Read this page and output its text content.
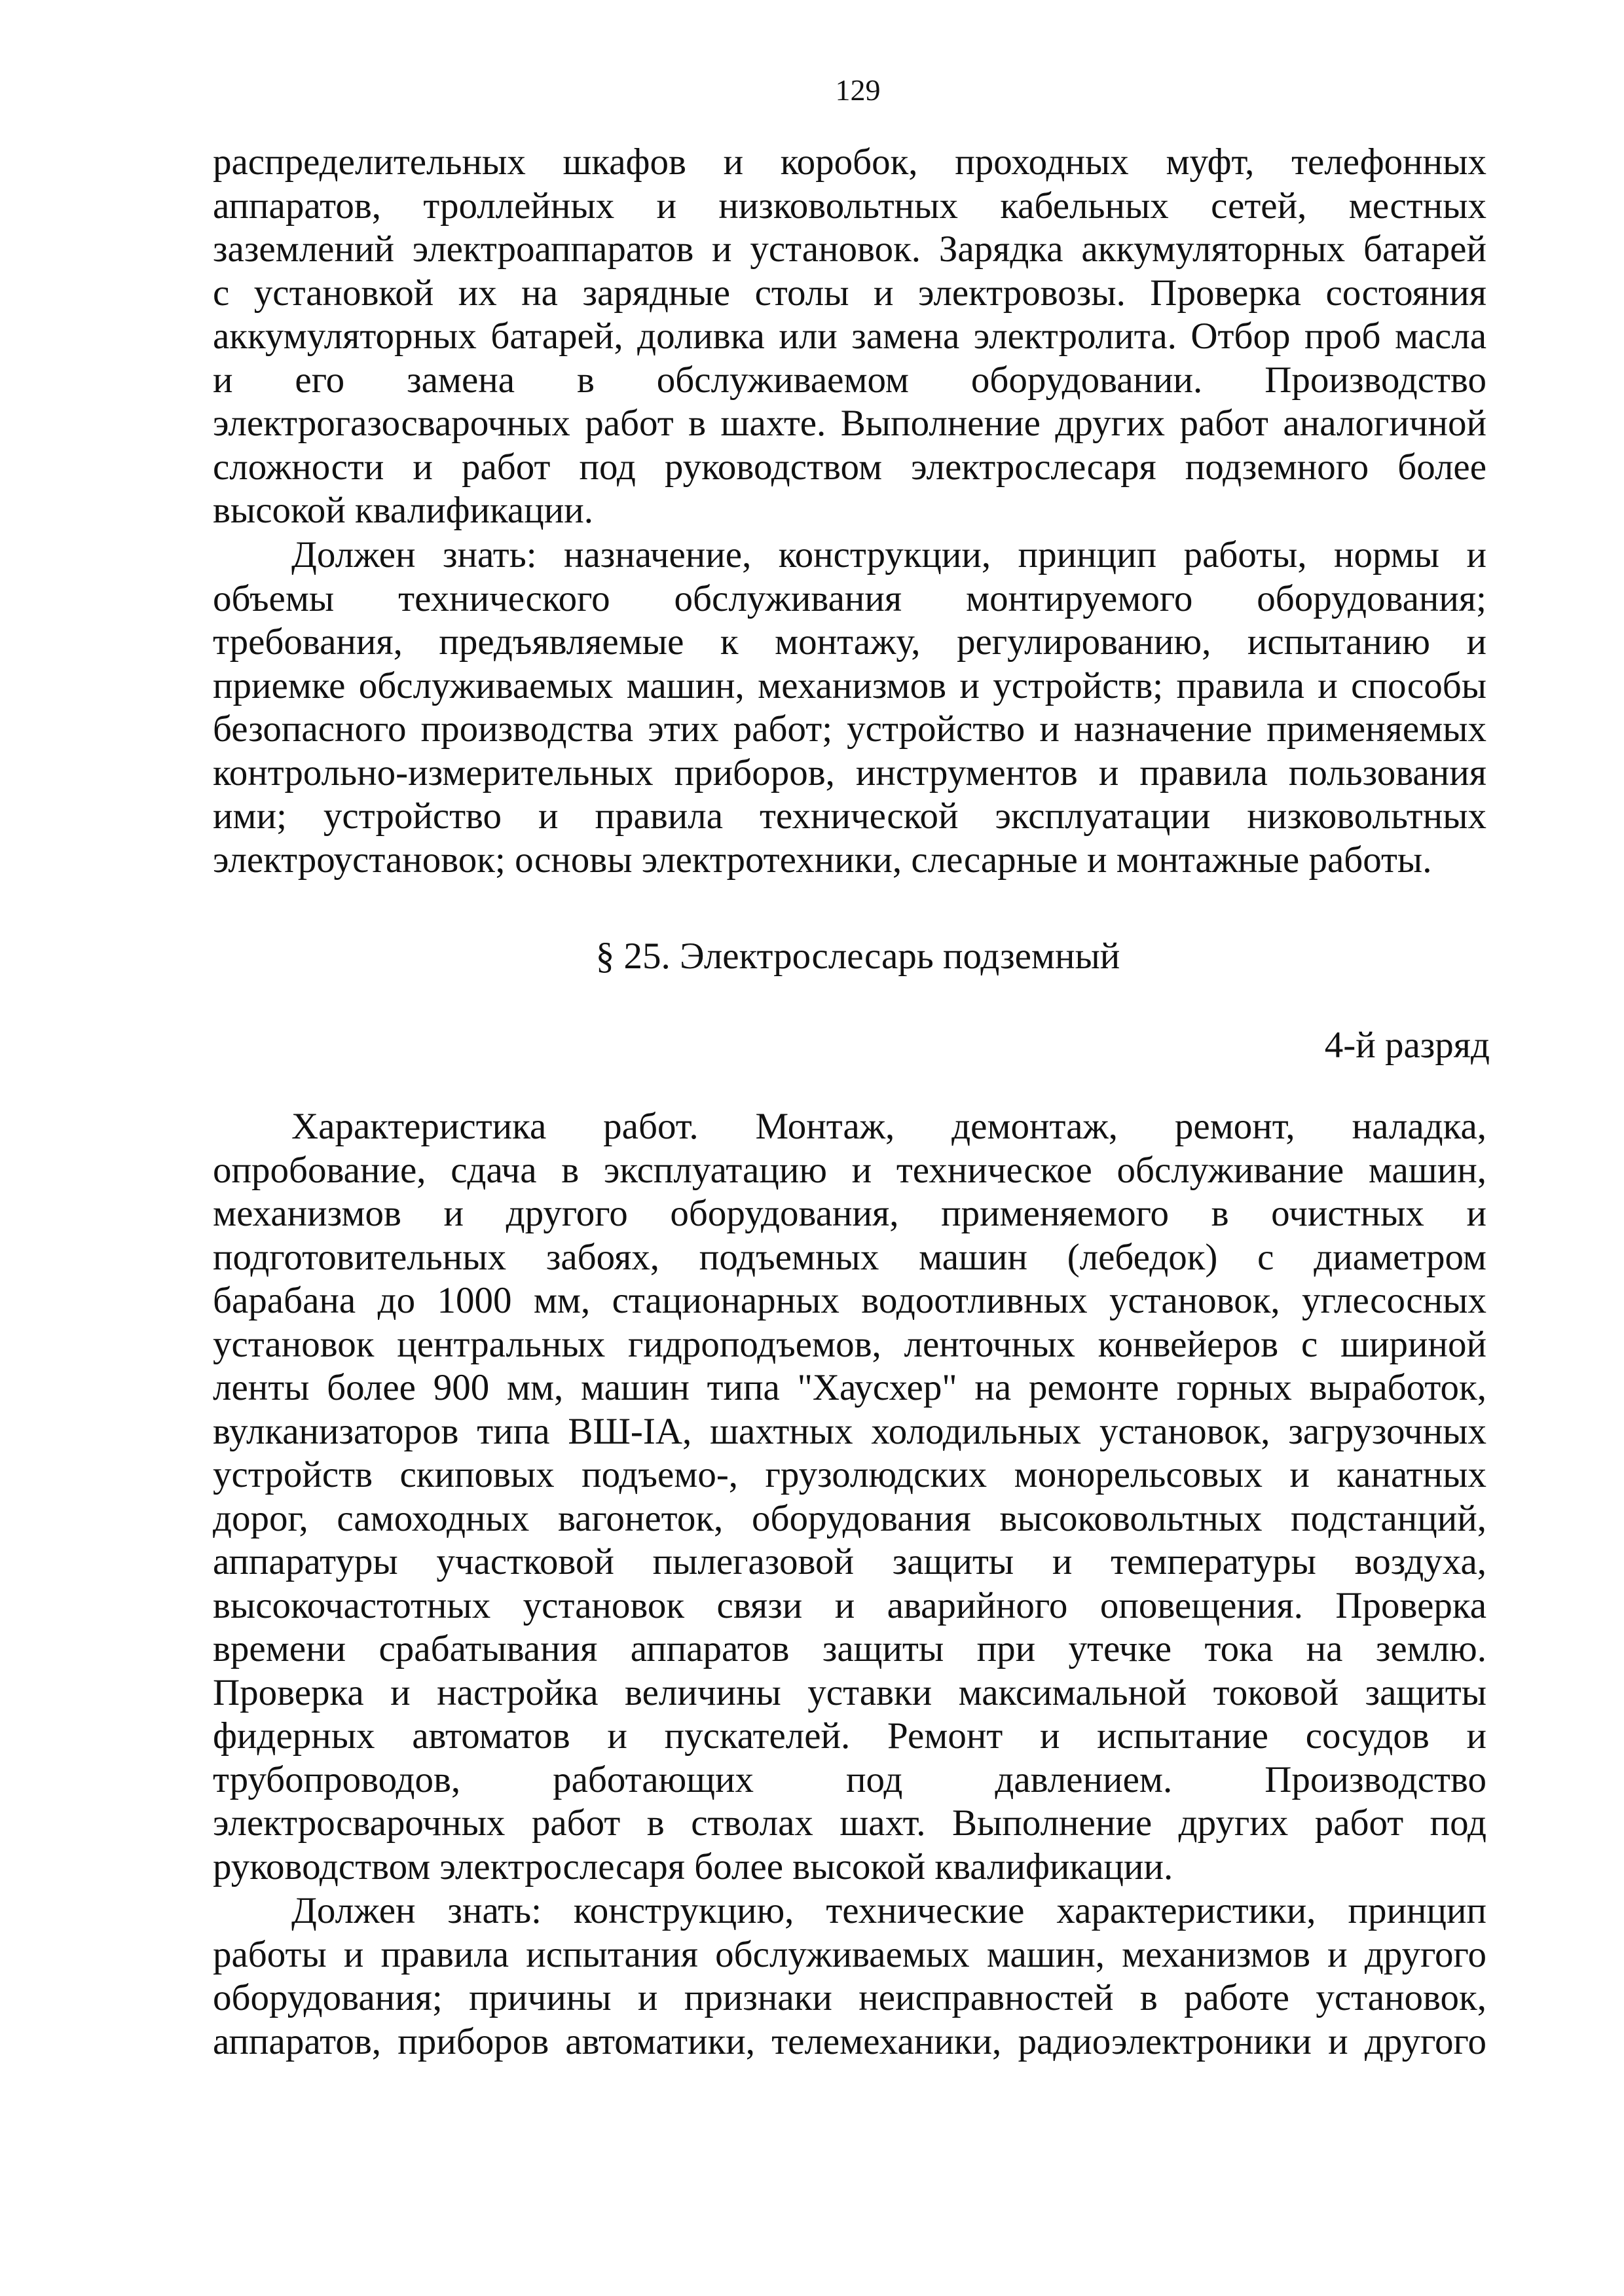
129
распределительных шкафов и коробок, проходных муфт, телефонных
аппаратов, троллейных и низковольтных кабельных сетей, местных
заземлений электроаппаратов и установок. Зарядка аккумуляторных батарей
с установкой их на зарядные столы и электровозы. Проверка состояния
аккумуляторных батарей, доливка или замена электролита. Отбор проб масла
и его замена в обслуживаемом оборудовании. Производство
электрогазосварочных работ в шахте. Выполнение других работ аналогичной
сложности и работ под руководством электрослесаря подземного более
высокой квалификации.
Должен знать: назначение, конструкции, принцип работы, нормы и
объемы технического обслуживания монтируемого оборудования;
требования, предъявляемые к монтажу, регулированию, испытанию и
приемке обслуживаемых машин, механизмов и устройств; правила и способы
безопасного производства этих работ; устройство и назначение применяемых
контрольно-измерительных приборов, инструментов и правила пользования
ими; устройство и правила технической эксплуатации низковольтных
электроустановок; основы электротехники, слесарные и монтажные работы.
§ 25. Электрослесарь подземный
4-й разряд
Характеристика работ. Монтаж, демонтаж, ремонт, наладка,
опробование, сдача в эксплуатацию и техническое обслуживание машин,
механизмов и другого оборудования, применяемого в очистных и
подготовительных забоях, подъемных машин (лебедок) с диаметром
барабана до 1000 мм, стационарных водоотливных установок, углесосных
установок центральных гидроподъемов, ленточных конвейеров с шириной
ленты более 900 мм, машин типа "Хаусхер" на ремонте горных выработок,
вулканизаторов типа ВШ-IA, шахтных холодильных установок, загрузочных
устройств скиповых подъемо-, грузолюдских монорельсовых и канатных
дорог, самоходных вагонеток, оборудования высоковольтных подстанций,
аппаратуры участковой пылегазовой защиты и температуры воздуха,
высокочастотных установок связи и аварийного оповещения. Проверка
времени срабатывания аппаратов защиты при утечке тока на землю.
Проверка и настройка величины уставки максимальной токовой защиты
фидерных автоматов и пускателей. Ремонт и испытание сосудов и
трубопроводов, работающих под давлением. Производство
электросварочных работ в стволах шахт. Выполнение других работ под
руководством электрослесаря более высокой квалификации.
Должен знать: конструкцию, технические характеристики, принцип
работы и правила испытания обслуживаемых машин, механизмов и другого
оборудования; причины и признаки неисправностей в работе установок,
аппаратов, приборов автоматики, телемеханики, радиоэлектроники и другого
